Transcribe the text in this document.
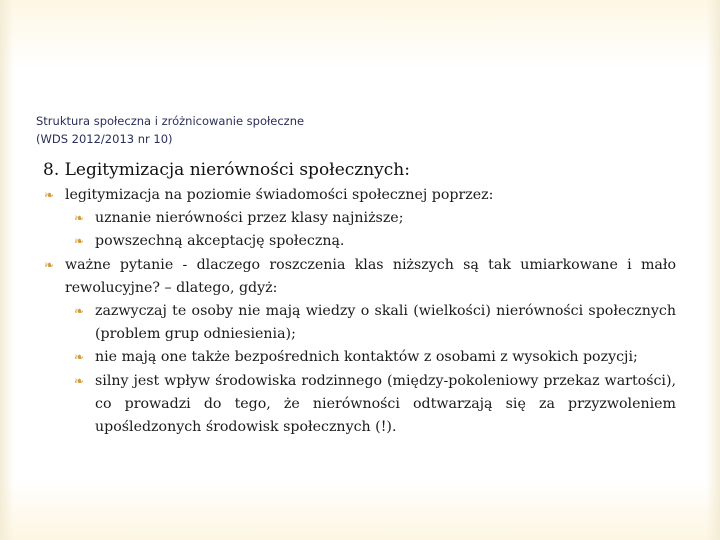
Struktura społeczna i zróżnicowanie społeczne
(WDS 2012/2013 nr 10)
8. Legitymizacja nierówności społecznych:
❧ legitymizacja na poziomie świadomości społecznej poprzez:
❧ uznanie nierówności przez klasy najniższe;
❧ powszechną akceptację społeczną.
❧ ważne pytanie - dlaczego roszczenia klas niższych są tak umiarkowane i mało rewolucyjne? – dlatego, gdyż:
❧ zazwyczaj te osoby nie mają wiedzy o skali (wielkości) nierówności społecznych (problem grup odniesienia);
❧ nie mają one także bezpośrednich kontaktów z osobami z wysokich pozycji;
❧ silny jest wpływ środowiska rodzinnego (między-pokoleniowy przekaz wartości), co prowadzi do tego, że nierówności odtwarzają się za przyzwoleniem upośledzonych środowisk społecznych (!).
